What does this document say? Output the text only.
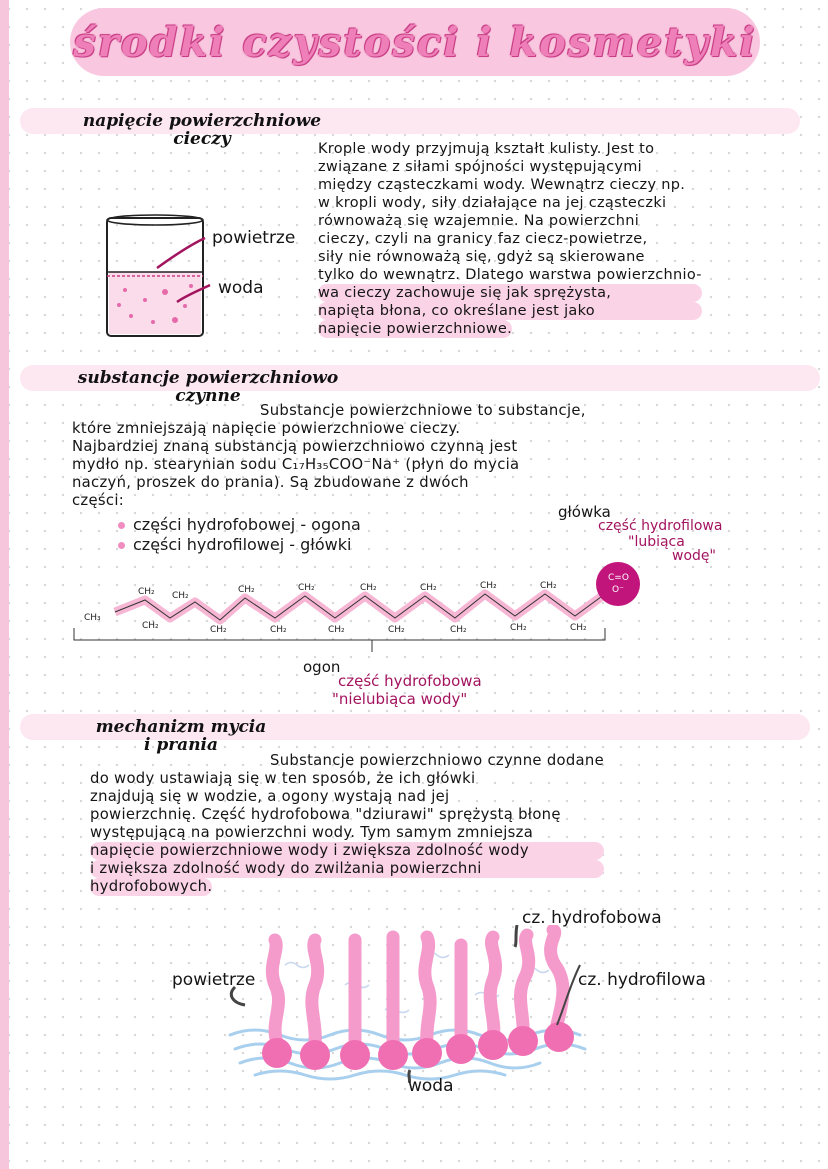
środki czystości i kosmetyki
napięcie powierzchniowe
cieczy
powietrze
woda

Krople wody przyjmują kształt kulisty. Jest to
związane z siłami spójności występującymi
między cząsteczkami wody. Wewnątrz cieczy np.
w kropli wody, siły działające na jej cząsteczki
równoważą się wzajemnie. Na powierzchni
cieczy, czyli na granicy faz ciecz-powietrze,
siły nie równoważą się, gdyż są skierowane
tylko do wewnątrz. Dlatego warstwa powierzchnio-
wa cieczy zachowuje się jak sprężysta,
napięta błona, co określane jest jako
napięcie powierzchniowe.

substancje powierzchniowo
czynne

Substancje powierzchniowe to substancje,
które zmniejszają napięcie powierzchniowe cieczy.
Najbardziej znaną substancją powierzchniowo czynną jest
mydło np. stearynian sodu C₁₇H₃₅COO⁻Na⁺ (płyn do mycia
naczyń, proszek do prania). Są zbudowane z dwóch
części:

części hydrofobowej - ogona
części hydrofilowej - główki
główka
część hydrofilowa
"lubiąca
wodę"
CH₃
CH₂
CH₂
CH₂
CH₂
CH₂
CH₂
CH₂
CH₂
CH₂
CH₂
CH₂
CH₂
CH₂
CH₂
CH₂
CH₂
C=O
O⁻
ogon
część hydrofobowa
"nielubiąca wody"
mechanizm mycia
i prania

Substancje powierzchniowo czynne dodane
do wody ustawiają się w ten sposób, że ich główki
znajdują się w wodzie, a ogony wystają nad jej
powierzchnię. Część hydrofobowa "dziurawi" sprężystą błonę
występującą na powierzchni wody. Tym samym zmniejsza
napięcie powierzchniowe wody i zwiększa zdolność wody
i zwiększa zdolność wody do zwilżania powierzchni
hydrofobowych.

powietrze
woda
cz. hydrofobowa
cz. hydrofilowa
